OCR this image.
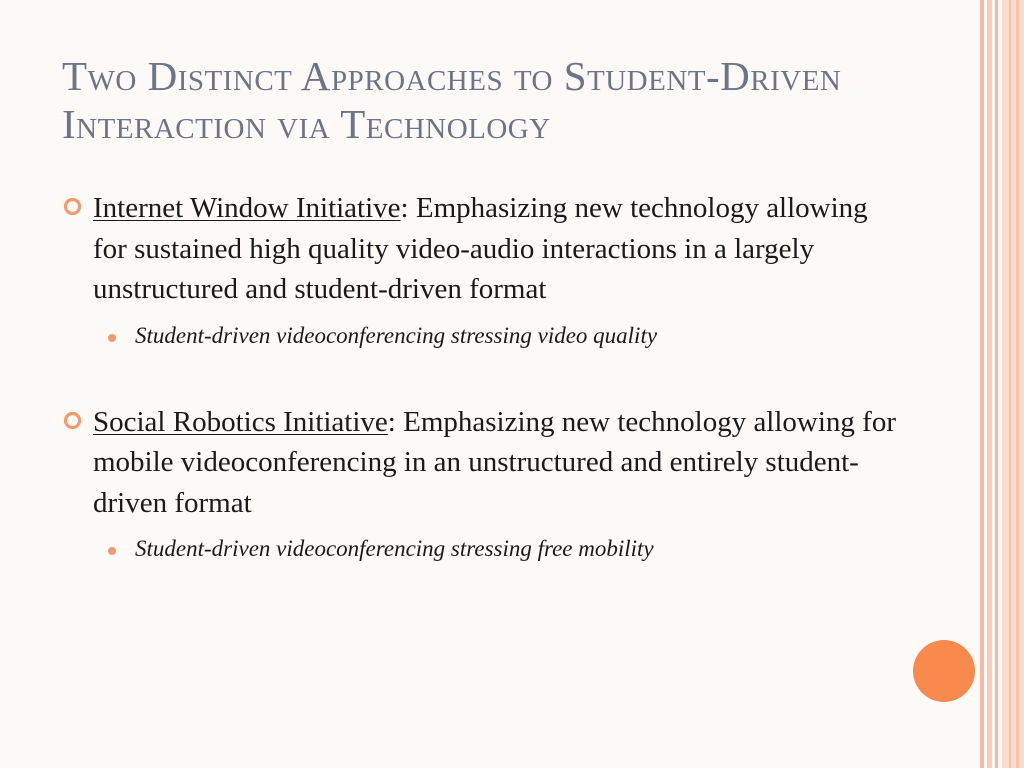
Two Distinct Approaches to Student-Driven Interaction via Technology
Internet Window Initiative: Emphasizing new technology allowing for sustained high quality video-audio interactions in a largely unstructured and student-driven format
Student-driven videoconferencing stressing video quality
Social Robotics Initiative: Emphasizing new technology allowing for mobile videoconferencing in an unstructured and entirely student-driven format
Student-driven videoconferencing stressing free mobility
